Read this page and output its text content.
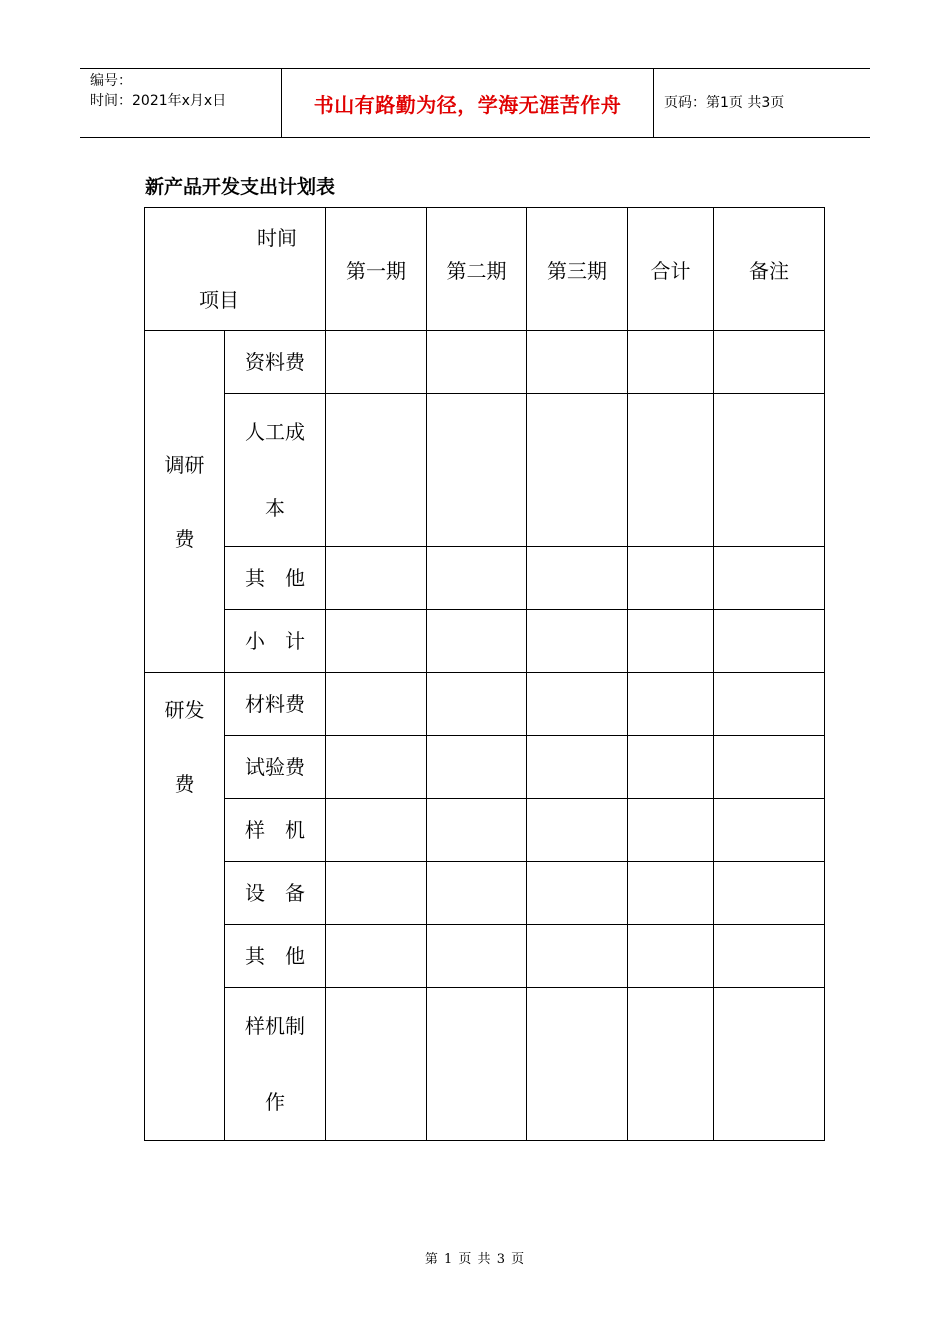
编号：
时间：2021年x月x日	书山有路勤为径，学海无涯苦作舟	页码：第1页 共3页
新产品开发支出计划表
时间
项目		第一期	第二期	第三期	合计	备注

调研
费	资料费					

	人工成
本					

	其　他					
	小　计					

研发
费	材料费					
	试验费					
	样　机					
	设　备					
	其　他					

	样机制
作					

第 1 页 共 3 页
